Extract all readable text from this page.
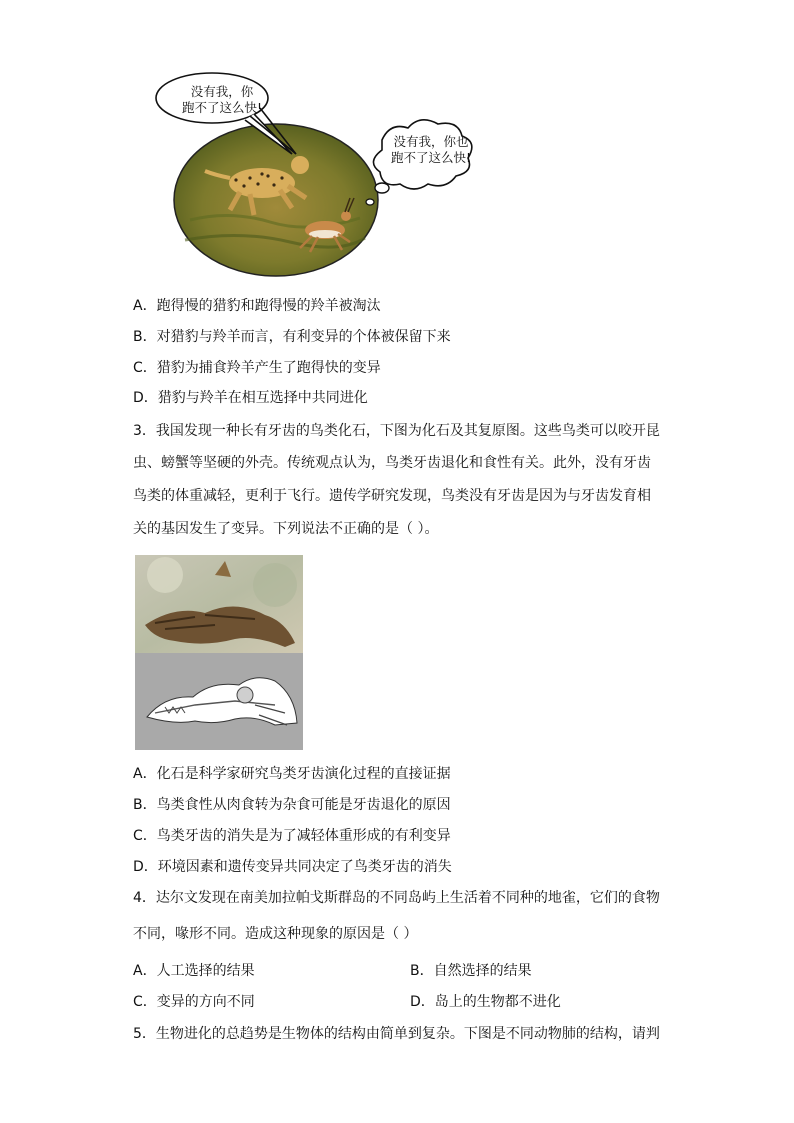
没有我，你
跑不了这么快!
没有我，你也
跑不了这么快!
A．跑得慢的猎豹和跑得慢的羚羊被淘汰
B．对猎豹与羚羊而言，有利变异的个体被保留下来
C．猎豹为捕食羚羊产生了跑得快的变异
D．猎豹与羚羊在相互选择中共同进化
3．我国发现一种长有牙齿的鸟类化石，下图为化石及其复原图。这些鸟类可以咬开昆
虫、螃蟹等坚硬的外壳。传统观点认为，鸟类牙齿退化和食性有关。此外，没有牙齿
鸟类的体重减轻，更利于飞行。遗传学研究发现，鸟类没有牙齿是因为与牙齿发育相
关的基因发生了变异。下列说法不正确的是（ ）。
A．化石是科学家研究鸟类牙齿演化过程的直接证据
B．鸟类食性从肉食转为杂食可能是牙齿退化的原因
C．鸟类牙齿的消失是为了减轻体重形成的有利变异
D．环境因素和遗传变异共同决定了鸟类牙齿的消失
4．达尔文发现在南美加拉帕戈斯群岛的不同岛屿上生活着不同种的地雀，它们的食物
不同，喙形不同。造成这种现象的原因是（ ）
A．人工选择的结果	B．自然选择的结果
C．变异的方向不同	D．岛上的生物都不进化
5．生物进化的总趋势是生物体的结构由简单到复杂。下图是不同动物肺的结构，请判
